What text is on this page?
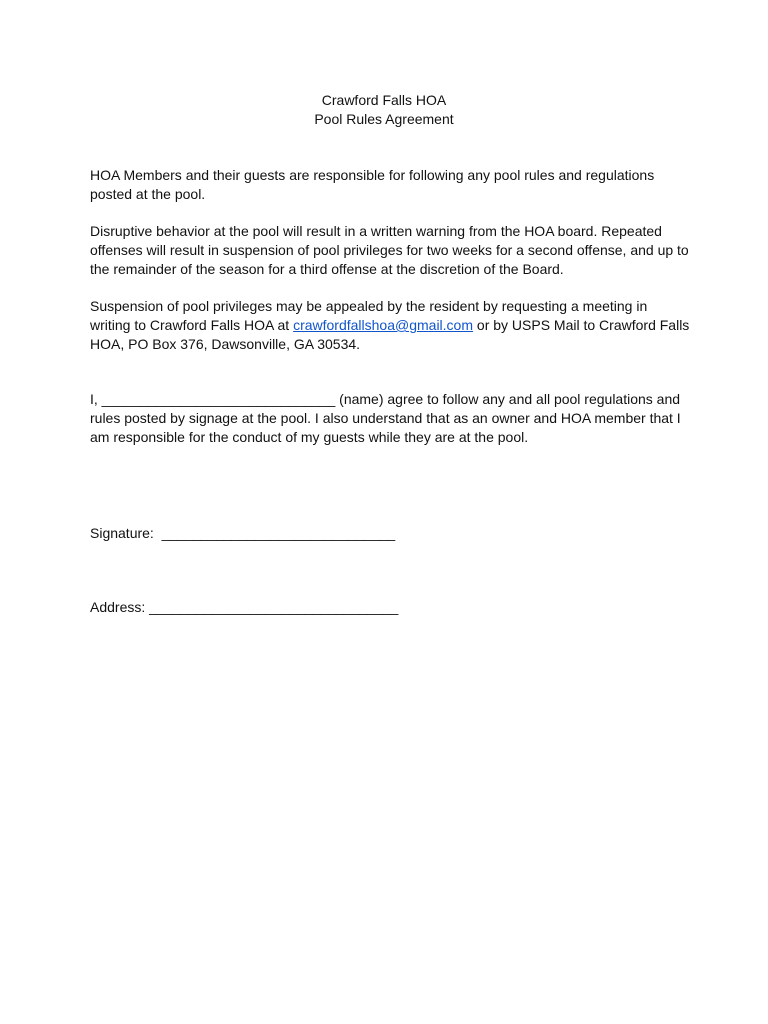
Crawford Falls HOA
Pool Rules Agreement

HOA Members and their guests are responsible for following any pool rules and regulations posted at the pool.

Disruptive behavior at the pool will result in a written warning from the HOA board. Repeated offenses will result in suspension of pool privileges for two weeks for a second offense, and up to the remainder of the season for a third offense at the discretion of the Board.

Suspension of pool privileges may be appealed by the resident by requesting a meeting in writing to Crawford Falls HOA at crawfordfallshoa@gmail.com or by USPS Mail to Crawford Falls HOA, PO Box 376, Dawsonville, GA 30534.

I, ______________________________ (name) agree to follow any and all pool regulations and rules posted by signage at the pool. I also understand that as an owner and HOA member that I am responsible for the conduct of my guests while they are at the pool.

Signature:  ______________________________
Address: ________________________________
